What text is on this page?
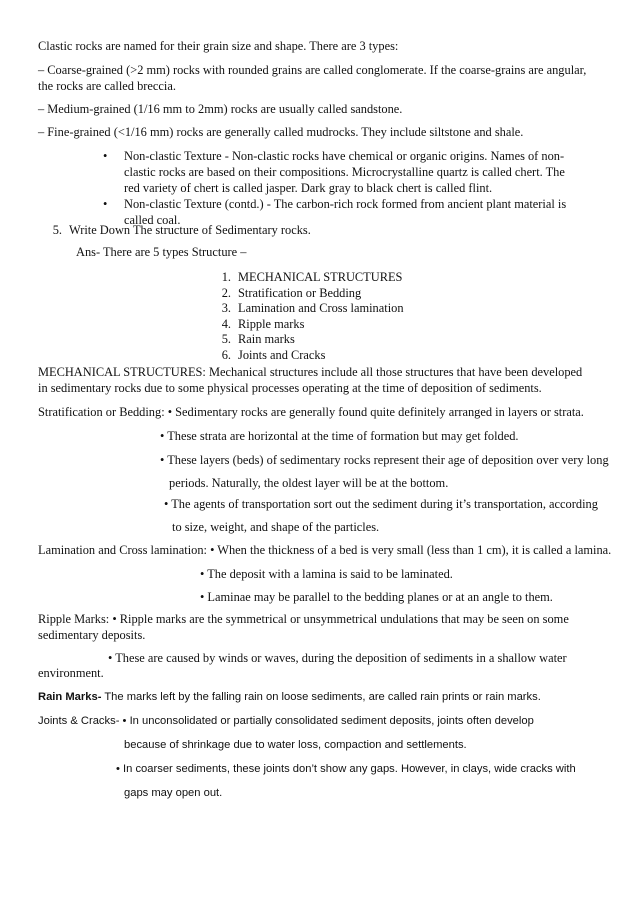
Clastic rocks are named for their grain size and shape. There are 3 types:

– Coarse-grained (>2 mm) rocks with rounded grains are called conglomerate. If the coarse-grains are angular, the rocks are called breccia.

– Medium-grained (1/16 mm to 2mm) rocks are usually called sandstone.

– Fine-grained (<1/16 mm) rocks are generally called mudrocks. They include siltstone and shale.

• Non-clastic Texture - Non-clastic rocks have chemical or organic origins. Names of non-clastic rocks are based on their compositions. Microcrystalline quartz is called chert. The red variety of chert is called jasper. Dark gray to black chert is called flint.
• Non-clastic Texture (contd.) - The carbon-rich rock formed from ancient plant material is called coal.
5. Write Down The structure of Sedimentary rocks.

Ans- There are 5 types Structure –

1. MECHANICAL STRUCTURES
2. Stratification or Bedding
3. Lamination and Cross lamination
4. Ripple marks
5. Rain marks
6. Joints and Cracks

MECHANICAL STRUCTURES: Mechanical structures include all those structures that have been developed in sedimentary rocks due to some physical processes operating at the time of deposition of sediments.

Stratification or Bedding: • Sedimentary rocks are generally found quite definitely arranged in layers or strata.

• These strata are horizontal at the time of formation but may get folded.

• These layers (beds) of sedimentary rocks represent their age of deposition over very long

periods. Naturally, the oldest layer will be at the bottom.

• The agents of transportation sort out the sediment during it’s transportation, according

to size, weight, and shape of the particles.

Lamination and Cross lamination: • When the thickness of a bed is very small (less than 1 cm), it is called a lamina.

• The deposit with a lamina is said to be laminated.

• Laminae may be parallel to the bedding planes or at an angle to them.

Ripple Marks: • Ripple marks are the symmetrical or unsymmetrical undulations that may be seen on some

sedimentary deposits.

• These are caused by winds or waves, during the deposition of sediments in a shallow water

environment.

Rain Marks- The marks left by the falling rain on loose sediments, are called rain prints or rain marks.

Joints & Cracks- • In unconsolidated or partially consolidated sediment deposits, joints often develop

because of shrinkage due to water loss, compaction and settlements.

• In coarser sediments, these joints don’t show any gaps. However, in clays, wide cracks with

gaps may open out.
